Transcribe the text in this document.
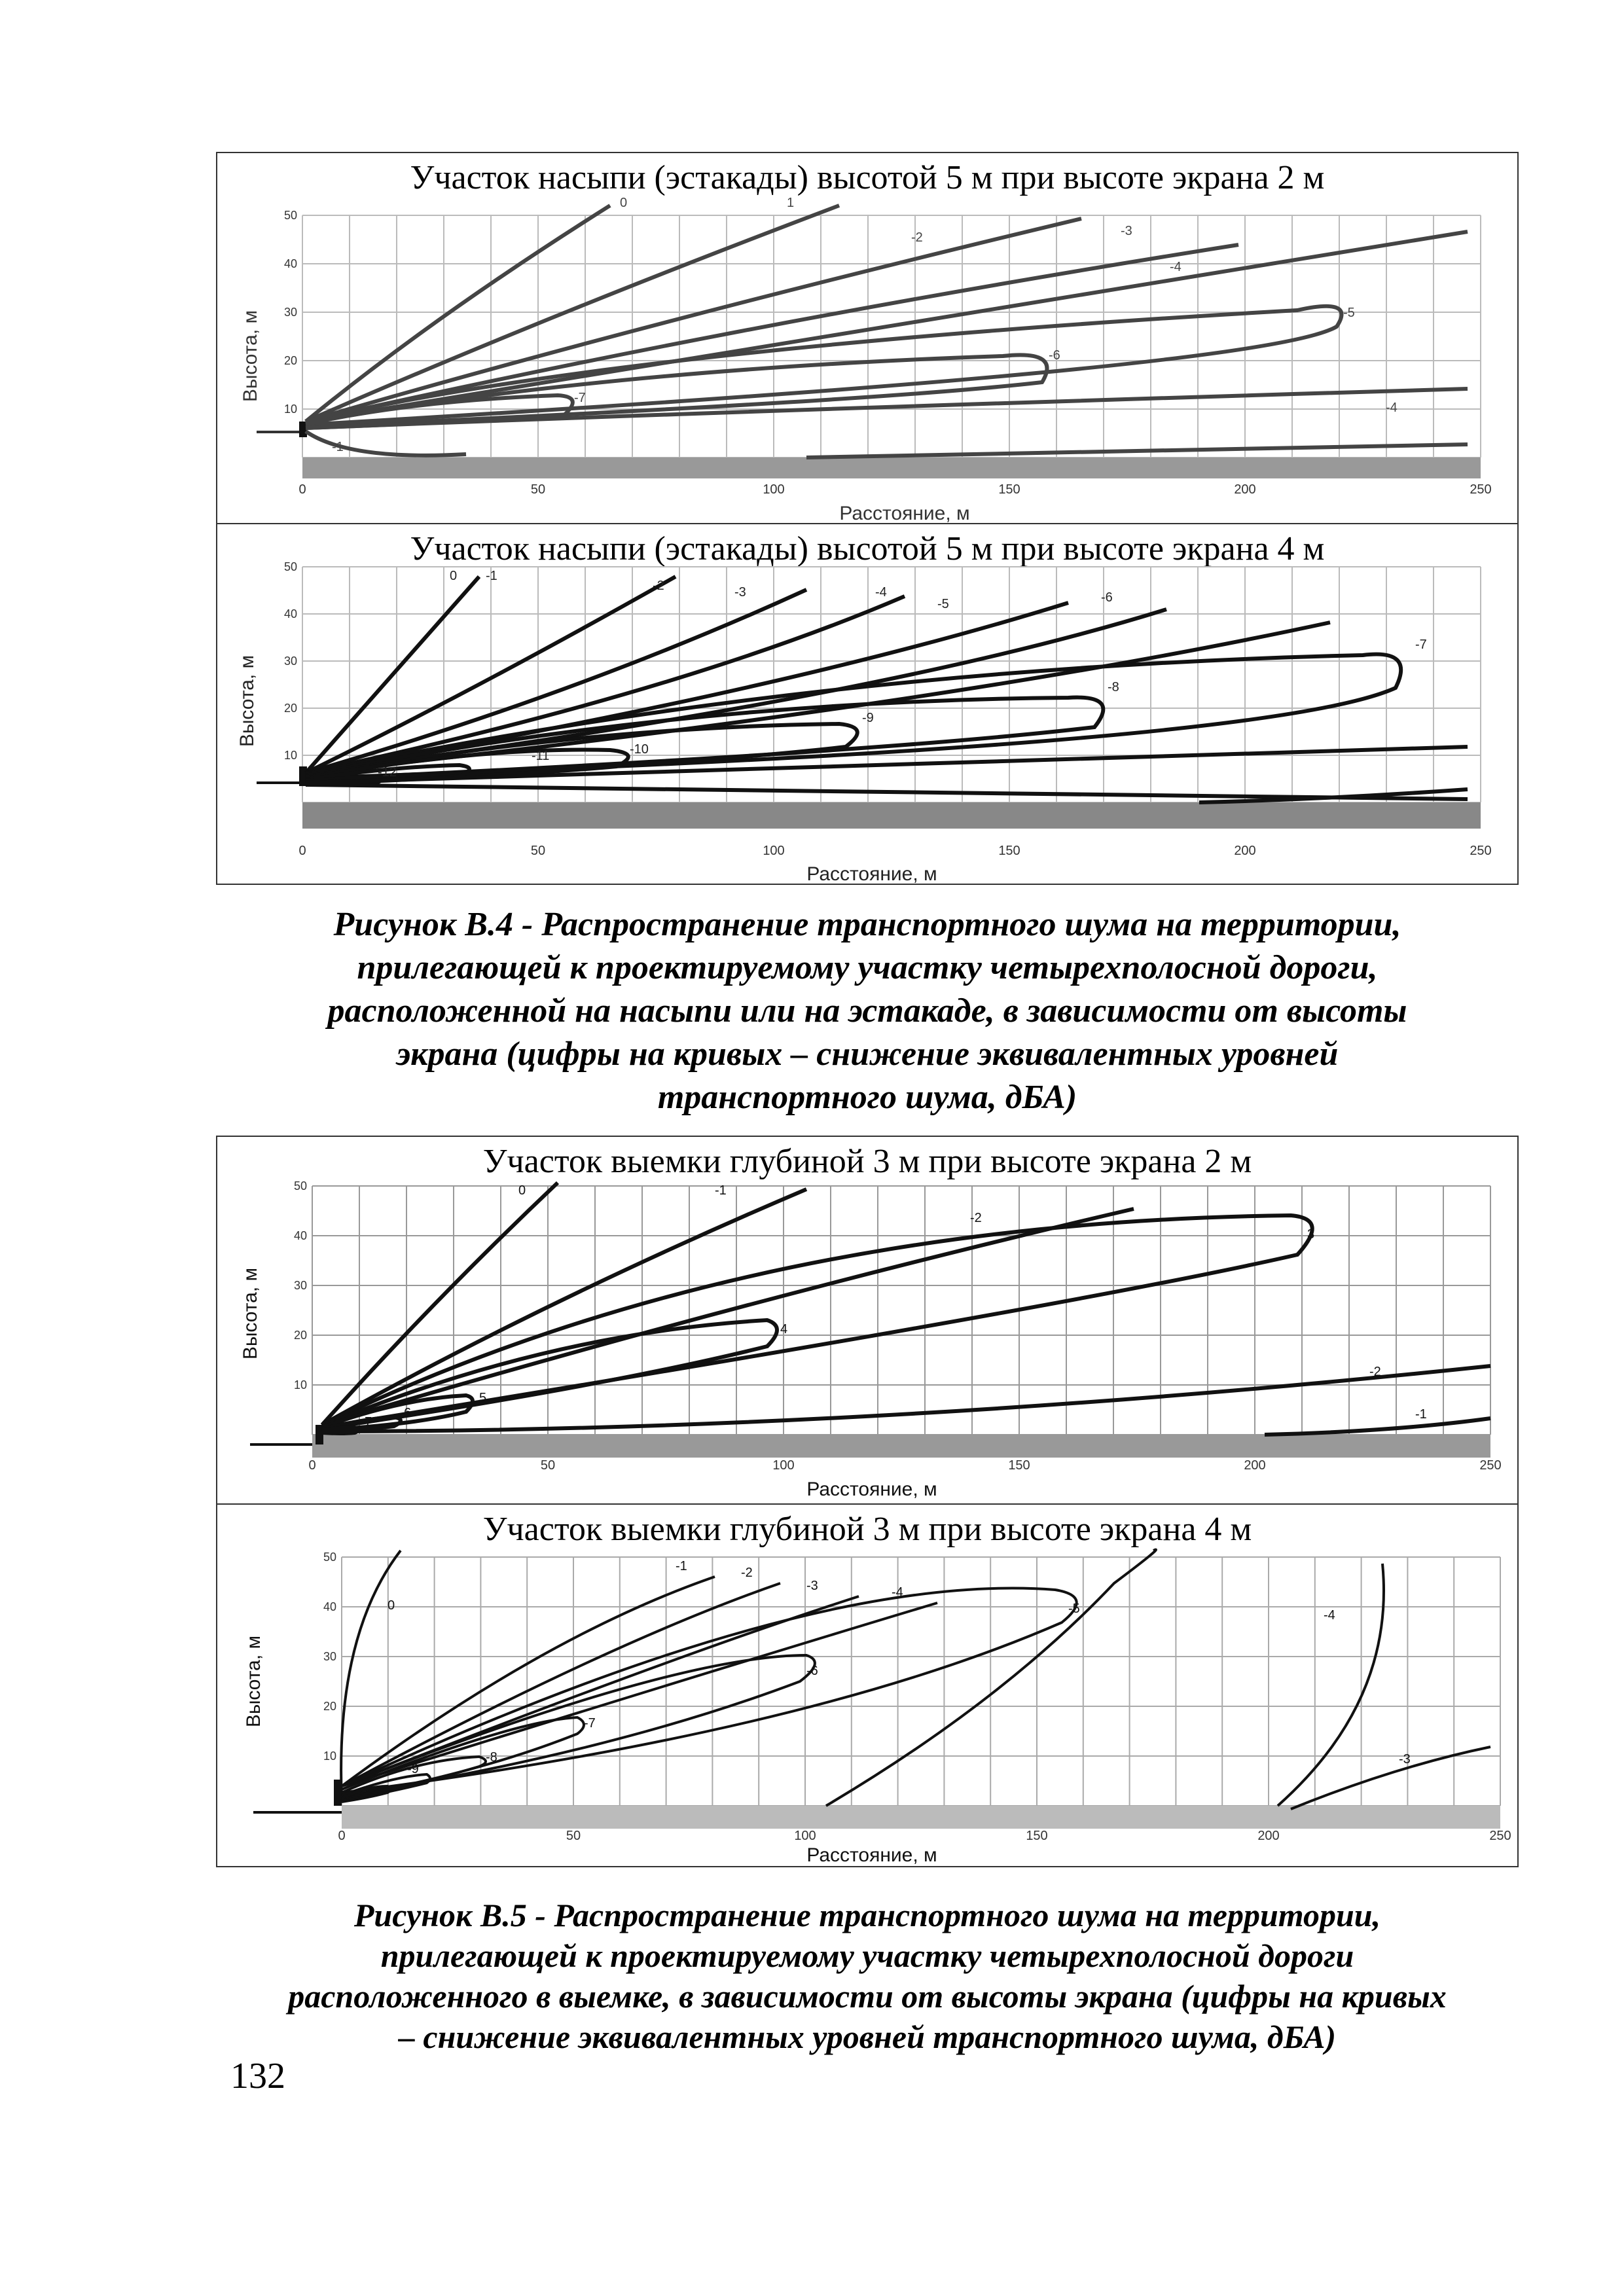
Участок насыпи (эстакады) высотой 5 м при высоте экрана 2 м
0	1
-2	-3
-4
-5
-6
-7
-4
-1
10
20
30
40
50
0	50	100	150	200	250
Высота, м
Расстояние, м
Участок насыпи (эстакады) высотой 5 м при высоте экрана 4 м
0 -1
-2	-3	-4
-5	-6
-7
-8
-9
-10
-11
-12
10
20
30
40
50
0	50	100	150	200	250
Высота, м
Расстояние, м
Рисунок В.4 - Распространение транспортного шума на территории,
прилегающей к проектируемому участку четырехполосной дороги,
расположенной на насыпи или на эстакаде, в зависимости от высоты
экрана (цифры на кривых – снижение эквивалентных уровней
транспортного шума, дБА)
Участок выемки глубиной 3 м при высоте экрана 2 м
0	-1
-2
3
4
5
6
7
-2
-1
10
20
30
40
50
0	50	100	150	200	250
Высота, м
Расстояние, м
Участок выемки глубиной 3 м при высоте экрана 4 м
0
-1	-2
-3	-4
-5
-6
-7
-8
-9
-4
-3
10
20
30
40
50
0	50	100	150	200	250
Высота, м
Расстояние, м
Рисунок В.5 - Распространение транспортного шума на территории,
прилегающей к проектируемому участку четырехполосной дороги
расположенного в выемке, в зависимости от высоты экрана (цифры на кривых
– снижение эквивалентных уровней транспортного шума, дБА)
132
